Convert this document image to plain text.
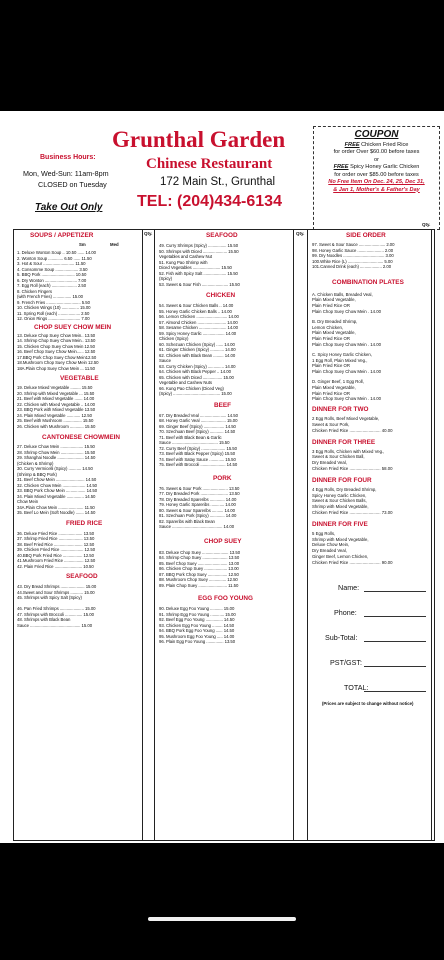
Grunthal Garden
Chinese Restaurant
172 Main St., Grunthal
TEL: (204)434-6134
Business Hours:
Mon, Wed-Sun: 11am-8pm
CLOSED on Tuesday
Take Out Only
COUPON
FREE Chicken Fried Rice
for order Over $60.00 before taxes
or
FREE Spicy Honey Garlic Chicken
for order over $85.00 before taxes
No Free Item On Dec. 24, 25, Dec 31,
& Jan 1, Mother's & Father's Day
Qty.	Qty.
Qty.
SOUPS / APPETIZER
Sm	Med
1. Deluxe Wonton Soup .. 10.50 ...... 14.00
2. Wonton Soup ............. 6.50 ...... 11.50
3. Hot & Sour ........................... 11.50
4. Consomme Soup .................... 3.50
5. BBQ Pork ............................. 10.50
6. Dry Wonton ............................ 7.00
7. Egg Roll (each) ...................... 2.50
8. Chicken Fingers
(with French Fries) ................ 15.00
9. French Fries .............................. 5.50
10. Chicken Wings (10) ............... 15.00
11. Spring Roll (each) ................... 2.50
12. Onion Rings ............................ 7.00
CHOP SUEY CHOW MEIN
13. Deluxe Chop Suey Chow Mein.. 13.50
14. Shrimp Chop Suey Chow Mein.. 13.50
15. Chicken Chop Suey Chow Mein 12.50
16. Beef Chop Suey Chow Mein...... 12.50
17.BBQ Pork Chop Suey Chow Mein12.50
18.Mushroom Chop Suey Chow Mein 12.50
18A.Plain Chop Suey Chow Mein ... 11.50
VEGETABLE
19. Deluxe Mixed Vegetable ......... 15.50
20. Shrimp with Mixed Vegetable ... 15.50
21. Beef with Mixed Vegetable ....... 14.00
22. Chicken with Mixed Vegetable .. 14.00
23. BBQ Pork with Mixed Vegetable 13.50
24. Plain Mixed Vegetable ............ 12.50
25. Beef with Mushroom ................ 15.50
26. Chicken with Mushroom ............ 15.50
CANTONESE CHOWMEIN
27. Deluxe Chow Mein .................... 15.50
28. Shrimp Chow Mein .................... 15.50
29. Shanghai Noodle ....................... 14.50
(Chicken & Shrimp)
30. Curry Vermicelli (Spicy) ........... 14.50
(Shrimp & BBQ Pork)
31. Beef Chow Mein ......................... 14.50
32. Chicken Chow Mein .................... 14.50
33. BBQ Pork Chow Mein ................. 14.50
34. Plain Mixed Vegetable ............... 14.50
Chow Mein
34A.Plain Chow Mein ...................... 11.50
35. Beef Lo Mein (Soft Noodle) ....... 14.50
FRIED RICE
36. Deluxe Fried Rice ..................... 13.50
37. Shrimp Fried Rice ..................... 13.50
38. Beef Fried Rice ......................... 12.50
39. Chicken Fried Rice .................... 12.50
40.BBQ Pork Fried Rice ................. 12.50
41.Mushroom Fried Rice ................. 12.50
42. Plain Fried Rice ........................ 10.50
SEAFOOD
43. Dry Bread Shrimps ..................... 15.00
44.Sweet and Sour Shrimps ........... 15.00
45. Shrimps with Spicy Salt (Spicy)
46. Pan Fried Shrimps ..................... 15.00
47. Shrimps with Broccoli ............... 15.00
48. Shrimps with Black Bean
Sauce ............................................ 15.00
SEAFOOD
49. Curry Shrimps (Spicy) ................ 15.50
50. Shrimps with Diced ..................... 15.50
Vegetables and Cashew Nut
51. Kung Pao Shrimp with
Diced Vegetables ........................ 15.50
52. Fish with Spicy Salt .................... 15.50
(Spicy)
53. Sweet & Sour Fish ....................... 15.50
CHICKEN
54. Sweet & Sour Chicken Balls .. 14.00
55. Honey Garlic Chicken Balls .. 14.00
56. Lemon Chicken ........................... 14.00
57. Almond Chicken ......................... 14.00
58. Sesame Chicken ........................ 14.00
59. Spicy Honey Garlic ................... 14.00
Chicken (Spicy)
60. Schezuan Chicken (Spicy) ...... 14.00
61. Ginger Chicken (Spicy) ............ 14.00
62. Chicken with Black Bean ......... 14.00
Sauce
63. Curry Chicken (Spicy) .............. 14.00
64. Chicken with Black Pepper .. 14.00
65. Chicken with Diced ................. 15.00
Vegetable and Cashew Nuts
66. Kung Pao Chicken (Diced Veg)
(Spicy) ......................................... 15.00
BEEF
67. Dry Breaded Veal ....................... 14.50
68. Honey Garlic Veal ...................... 15.00
69. Ginger Beef (Spicy) .................. 14.50
70. Szechuan Beef (Spicy) ............ 14.50
71. Beef with Black Bean & Garlic
Sauce ........................................ 15.50
72. Curry Beef (Spicy) ..................... 15.50
73. Beef with Black Pepper (Spicy) 15.50
74. Beef with Satay Sauce ............. 15.50
75. Beef with Broccoli ...................... 14.50
PORK
76. Sweet & Sour Pork ...................... 13.50
77. Dry Breaded Pork ........................ 13.50
78. Dry Breaded Spareribs ............. 14.00
79. Honey Garlic Spareribs ............ 14.00
80. Sweet & Sour Spareribs .......... 14.00
81. Szechuan Pork (Spicy) ............. 14.00
82. Spareribs with Black Bean
Sauce ............................................ 14.00
CHOP SUEY
83. Deluxe Chop Suey ....................... 13.50
84. Shrimp Chop Suey ...................... 13.50
85. Beef Chop Suey .......................... 13.00
86. Chicken Chop Suey .................... 13.00
87. BBQ Pork Chop Suey ................. 12.50
88. Mushroom Chop Suey ............... 12.50
89. Plain Chop Suey ......................... 11.50
EGG FOO YOUNG
90. Deluxe Egg Foo Young ........... 15.00
91. Shrimp Egg Foo Young ............ 15.00
92. Beef Egg Foo Young ............... 14.50
93. Chicken Egg Foo Young ......... 14.50
94. BBQ Pork Egg Foo Young ...... 14.50
95. Mushroom Egg Foo Young ..... 14.00
96. Plain Egg Foo Young ............... 13.50
SIDE ORDER
97. Sweet & Sour Sauce ....................... 2.00
98. Honey Garlic Sauce ....................... 2.00
99. Dry Noodles .................................... 3.00
100.White Rice (L) ............................... 5.00
101.Canned Drink (each) ................... 2.00
COMBINATION PLATES
A. Chicken Balls, Breaded Veal,
Plain Mixed Vegetable,
Plain Fried Rice OR
Plain Chop Suey Chow Mein . 14.00
B. Dry Breaded Shrimp,
Lemon Chicken,
Plain Mixed Vegetable,
Plain Fried Rice OR
Plain Chop Suey Chow Mein . 14.00
C. Spicy Honey Garlic Chicken,
1 Egg Roll, Plain Mixed Veg.,
Plain Fried Rice OR
Plain Chop Suey Chow Mein . 14.00
D. Ginger Beef, 1 Egg Roll,
Plain Mixed Vegetable,
Plain Fried Rice OR
Plain Chop Suey Chow Mein . 14.00
DINNER FOR TWO
2 Egg Rolls, Beef Mixed Vegetable,
Sweet & Sour Pork,
Chicken Fried Rice .......................... 40.00
DINNER FOR THREE
3 Egg Rolls, Chicken with Mixed Veg.,
Sweet & Sour Chicken Ball,
Dry Breaded Veal,
Chicken Fried Rice .......................... 58.00
DINNER FOR FOUR
4 Egg Rolls, Dry Breaded Shrimp,
Spicy Honey Garlic Chicken,
Sweet & Sour Chicken Balls,
Shrimp with Mixed Vegetable,
Chicken Fried Rice .......................... 73.00
DINNER FOR FIVE
5 Egg Rolls,
Shrimp with Mixed Vegetable,
Deluxe Chow Mein,
Dry Breaded Veal,
Ginger Beef, Lemon Chicken,
Chicken Fried Rice .......................... 90.00
Name:
Phone:
Sub-Total:
PST/GST:
TOTAL:
(Prices are subject to change without notice)
